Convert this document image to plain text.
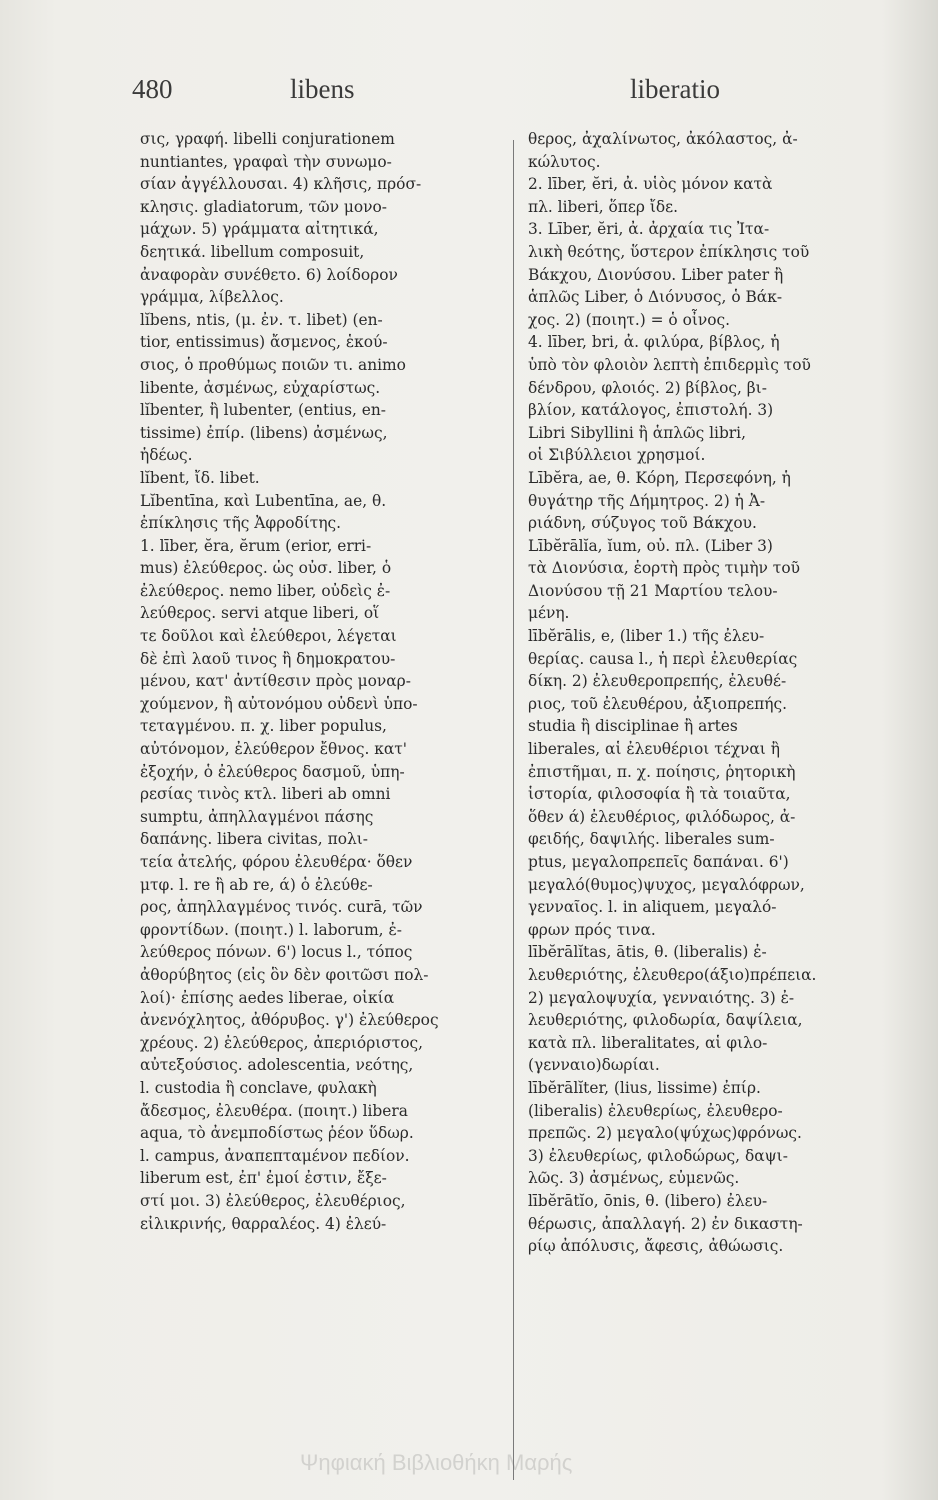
480	libens	liberatio
σις, γραφή. libelli conjurationem
nuntiantes, γραφαὶ τὴν συνωμο-
σίαν ἀγγέλλουσαι. 4) κλῆσις, πρόσ-
κλησις. gladiatorum, τῶν μονο-
μάχων. 5) γράμματα αἰτητικά,
δεητικά. libellum composuit,
ἀναφορὰν συνέθετο. 6) λοίδορον
γράμμα, λίβελλος.
lĭbens, ntis, (μ. ἐν. τ. libet) (en-
tior, entissimus) ἄσμενος, ἑκού-
σιος, ὁ προθύμως ποιῶν τι. animo
libente, ἀσμένως, εὐχαρίστως.
lĭbenter, ἢ lubenter, (entius, en-
tissime) ἐπίρ. (libens) ἀσμένως,
ἡδέως.
lĭbent, ἴδ. libet.
Lĭbentīna, καὶ Lubentīna, ae, θ.
ἐπίκλησις τῆς Ἀφροδίτης.
1. līber, ĕra, ĕrum (erior, erri-
mus) ἐλεύθερος. ὡς οὐσ. liber, ὁ
ἐλεύθερος. nemo liber, οὐδεὶς ἐ-
λεύθερος. servi atque liberi, οἵ
τε δοῦλοι καὶ ἐλεύθεροι, λέγεται
δὲ ἐπὶ λαοῦ τινος ἢ δημοκρατου-
μένου, κατ' ἀντίθεσιν πρὸς μοναρ-
χούμενον, ἢ αὐτονόμου οὐδενὶ ὑπο-
τεταγμένου. π. χ. liber populus,
αὐτόνομον, ἐλεύθερον ἔθνος. κατ'
ἐξοχήν, ὁ ἐλεύθερος δασμοῦ, ὑπη-
ρεσίας τινὸς κτλ. liberi ab omni
sumptu, ἀπηλλαγμένοι πάσης
δαπάνης. libera civitas, πολι-
τεία ἀτελής, φόρου ἐλευθέρα· ὅθεν
μτφ. l. re ἢ ab re, ά) ὁ ἐλεύθε-
ρος, ἀπηλλαγμένος τινός. curā, τῶν
φροντίδων. (ποιητ.) l. laborum, ἐ-
λεύθερος πόνων. 6') locus l., τόπος
ἀθορύβητος (εἰς ὃν δὲν φοιτῶσι πολ-
λοί)· ἐπίσης aedes liberae, οἰκία
ἀνενόχλητος, ἀθόρυβος. γ') ἐλεύθερος
χρέους. 2) ἐλεύθερος, ἀπεριόριστος,
αὐτεξούσιος. adolescentia, νεότης,
l. custodia ἢ conclave, φυλακὴ
ἄδεσμος, ἐλευθέρα. (ποιητ.) libera
aqua, τὸ ἀνεμποδίστως ῥέον ὕδωρ.
l. campus, ἀναπεπταμένον πεδίον.
liberum est, ἐπ' ἐμοί ἐστιν, ἔξε-
στί μοι. 3) ἐλεύθερος, ἐλευθέριος,
εἰλικρινής, θαρραλέος. 4) ἐλεύ-
θερος, ἀχαλίνωτος, ἀκόλαστος, ἀ-
κώλυτος.
2. līber, ĕri, ἀ. υἱὸς μόνον κατὰ
πλ. liberi, ὅπερ ἴδε.
3. Līber, ĕri, ἀ. ἀρχαία τις Ἰτα-
λικὴ θεότης, ὕστερον ἐπίκλησις τοῦ
Βάκχου, Διονύσου. Liber pater ἢ
ἁπλῶς Liber, ὁ Διόνυσος, ὁ Βάκ-
χος. 2) (ποιητ.) = ὁ οἶνος.
4. līber, bri, ἀ. φιλύρα, βίβλος, ἡ
ὑπὸ τὸν φλοιὸν λεπτὴ ἐπιδερμὶς τοῦ
δένδρου, φλοιός. 2) βίβλος, βι-
βλίον, κατάλογος, ἐπιστολή. 3)
Libri Sibyllini ἢ ἁπλῶς libri,
οἱ Σιβύλλειοι χρησμοί.
Lībĕra, ae, θ. Κόρη, Περσεφόνη, ἡ
θυγάτηρ τῆς Δήμητρος. 2) ἡ Ἀ-
ριάδνη, σύζυγος τοῦ Βάκχου.
Lībĕrālĭa, ĭum, οὐ. πλ. (Liber 3)
τὰ Διονύσια, ἑορτὴ πρὸς τιμὴν τοῦ
Διονύσου τῇ 21 Μαρτίου τελου-
μένη.
lībĕrālis, e, (liber 1.) τῆς ἐλευ-
θερίας. causa l., ἡ περὶ ἐλευθερίας
δίκη. 2) ἐλευθεροπρεπής, ἐλευθέ-
ριος, τοῦ ἐλευθέρου, ἀξιοπρεπής.
studia ἢ disciplinae ἢ artes
liberales, αἱ ἐλευθέριοι τέχναι ἢ
ἐπιστῆμαι, π. χ. ποίησις, ῥητορικὴ
ἱστορία, φιλοσοφία ἢ τὰ τοιαῦτα,
ὅθεν ά) ἐλευθέριος, φιλόδωρος, ἀ-
φειδής, δαψιλής. liberales sum-
ptus, μεγαλοπρεπεῖς δαπάναι. 6')
μεγαλό(θυμος)ψυχος, μεγαλόφρων,
γενναῖος. l. in aliquem, μεγαλό-
φρων πρός τινα.
lībĕrālĭtas, ātis, θ. (liberalis) ἐ-
λευθεριότης, ἐλευθερο(άξιο)πρέπεια.
2) μεγαλοψυχία, γενναιότης. 3) ἐ-
λευθεριότης, φιλοδωρία, δαψίλεια,
κατὰ πλ. liberalitates, αἱ φιλο-
(γενναιο)δωρίαι.
lībĕrālĭter, (lius, lissime) ἐπίρ.
(liberalis) ἐλευθερίως, ἐλευθερο-
πρεπῶς. 2) μεγαλο(ψύχως)φρόνως.
3) ἐλευθερίως, φιλοδώρως, δαψι-
λῶς. 3) ἀσμένως, εὐμενῶς.
lībĕrātĭo, ōnis, θ. (libero) ἐλευ-
θέρωσις, ἀπαλλαγή. 2) ἐν δικαστη-
ρίῳ ἀπόλυσις, ἄφεσις, ἀθώωσις.
Ψηφιακή Βιβλιοθήκη Μαρής
